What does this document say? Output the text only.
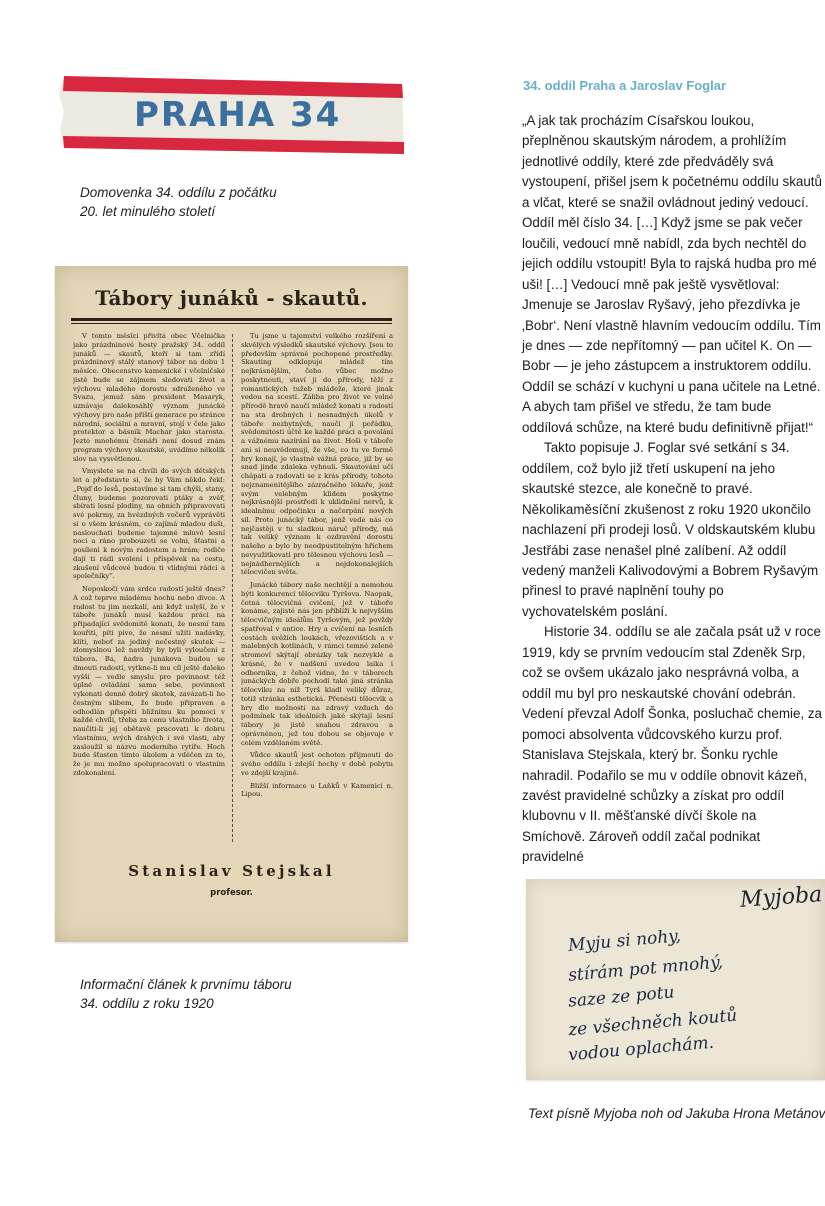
PRAHA 34
Domovenka 34. oddílu z počátku
20. let minulého století
Tábory junáků - skautů.

V tomto měsíci přivítá obec Včelnička jako prázdninové hosty pražský 34. oddíl junáků — skautů, kteří si tam zřídí prázdninový stálý stanový tábor na dobu 1 měsíce. Obecenstvo kamenické i včelničské jistě bude se zájmem sledovati život a výchovu mladého dorostu sdruženého ve Svazu, jemuž sám president Masaryk, uznávaje dalekosáhlý význam junácké výchovy pro naše příští generace po stránce národní, sociální a mravní, stojí v čele jako protektor a básník Machar jako starosta. Jezto mnohému čtenáři není dosud znám program výchovy skautské, uvádíme několik slov na vysvětlenou.

Vmyslete se na chvíli do svých dětských let a představte si, že by Vám někdo řekl: „Pojď do lesů, postavíme si tam chýši, stany, čluny, budeme pozorovati ptáky a zvěř, sbírati lesní plodiny, na ohních připravovati své pokrmy, za hvězdných večerů vyprávěti si o všem krásném, co zajímá mladou duši, naslouchati budeme tajemné mluvě lesní noci a ráno probouzeti se volni, šťastni a posíleni k novým radostem a hrám; rodiče dají ti rádi svolení i příspěvek na cestu, zkušení vůdcové budou ti vlídnými rádci a společníky“.

Neposkočí vám srdce radostí ještě dnes? A což teprve mladému hochu nebo dívce. A radost tu jim nezkalí, ani když uslyší, že v táboře junáků musí každou práci na připadající svědomitě konati, že nesmí tam kouřiti, píti pivo, že nesmí užíti nadávky, klíti, neboť za jediný nečestný skutek — zlomyslnou lež navždy by byli vyloučeni z tábora. Ba, ňadra junákova budou se dmouti radostí, vytkne-li mu cíl ještě daleko vyšší — vedle smyslu pro povinnost též úplné ovládání sama sebe, povinnost vykonati denně dobrý skutek, zavázati-li ho čestným slibem, že bude připraven a odhodlán přispěti bližnímu ku pomoci v každé chvíli, třeba za cenu vlastního života, naučiti-li jej obětavě pracovati k dobru vlastnímu, svých drahých i své vlasti, aby zasloužil si názvu moderního rytíře. Hoch bude šťasten tímto úkolem a vděčen za to, že je mu možno spolupracovati o vlastním zdokonalení.

Tu jsme u tajemství velkého rozšíření a skvělých výsledků skautské výchovy. Jsou to především správně pochopené prostředky. Skauting odklopuje mládež tím nejkrásnějším, čeho vůbec možno poskytnouti, staví ji do přírody, těží z romantických tužeb mládeže, které jinak vedou na scestí. Záliba pro život ve volné přírodě hravě naučí mládež konati s radostí na sta drobných i nesnadných úkolů v táboře nezbytných, naučí ji pořádku, svědomitosti účtě ke každé práci a povolání a vážnému nazírání na život. Hoši v táboře ani si neuvědomují, že vše, co tu ve formě hry konají, je vlastně vážná práce, již by se snad jinde zdaleka vyhnuli. Skautování učí chápati a radovati se z krás přírody, tohoto nejznamenitějšího zázračného lékaře, jenž svým velebným klidem poskytne nejkrásnější prostředí k uklidnění nervů, k idealnímu odpočinku a načerpání nových sil. Proto junácký tábor, jenž vede nás co nejčastěji v tu sladkou náruč přírody, má tak veliký význam k ozdravění dorostu našeho a bylo by neodpustitelným hříchem nevyužitkovati pro tělesnou výchovu lesů — nejnádhernějších a nejdokonalejších tělocvičen světa.

Junácké tábory naše nechtějí a nemohou býti konkurencí tělocviku Tyršova. Naopak, četná tělocvičná cvičení, jež v táboře konáme, zajisté nás jen přiblíží k nejvyšším tělocvičným ideálům Tyršovým, jež povždy spatřoval v antice. Hry a cvičení na lesních cestách svěžích loukách, vřezovištích a v malebných kotlinách, v rámci temné zelené stromoví skýtají obrázky tak nezvyklé a krásné, že v nadšení uvedou laika i odborníka, z čehož vidno, že v táborech junáckých dobře pochodí také jiná stránka tělocviku na níž Tyrš kladl veliký důraz, totiž stránka esthetická. Přenésti tělocvik a hry dle možnosti na zdravý vzduch do podmínek tak ideálních jaké skýtají lesní tábory je jistě snahou zdravou a oprávněnou, jež tou dobou se objevuje v celém vzdělaném světě.

Vůdce skautů jest ochoten přijmouti do svého oddílu i zdejší hochy v době pobytu ve zdejší krajině.

Bližší informace u Laňků v Kamenici n. Lipou.

Stanislav Stejskal
profesor.
Informační článek k prvnímu táboru
34. oddílu z roku 1920
34. oddíl Praha a Jaroslav Foglar

„A jak tak procházím Císařskou loukou, přeplněnou skautským národem, a prohlížím jednotlivé oddíly, které zde předváděly svá vystoupení, přišel jsem k početnému oddílu skautů a vlčat, které se snažil ovládnout jediný vedoucí. Oddíl měl číslo 34. […] Když jsme se pak večer loučili, vedoucí mně nabídl, zda bych nechtěl do jejich oddílu vstoupit! Byla to rajská hudba pro mé uši! […] Vedoucí mně pak ještě vysvětloval: Jmenuje se Jaroslav Ryšavý, jeho přezdívka je ‚Bobr‘. Není vlastně hlavním vedoucím oddílu. Tím je dnes — zde nepřítomný — pan učitel K. On — Bobr — je jeho zástupcem a instruktorem oddílu. Oddíl se schází v kuchyni u pana učitele na Letné. A abych tam přišel ve středu, že tam bude oddílová schůze, na které budu definitivně přijat!“

Takto popisuje J. Foglar své setkání s 34. oddílem, což bylo již třetí uskupení na jeho skautské stezce, ale konečně to pravé. Několikaměsíční zkušenost z roku 1920 ukončilo nachlazení při prodeji losů. V oldskautském klubu Jestřábi zase nenašel plné zalíbení. Až oddíl vedený manželi Kalivodovými a Bobrem Ryšavým přinesl to pravé naplnění touhy po vychovatelském poslání.

Historie 34. oddílu se ale začala psát už v roce 1919, kdy se prvním vedoucím stal Zdeněk Srp, což se ovšem ukázalo jako nesprávná volba, a oddíl mu byl pro neskautské chování odebrán. Vedení převzal Adolf Šonka, posluchač chemie, za pomoci absolventa vůdcovského kurzu prof. Stanislava Stejskala, který br. Šonku rychle nahradil. Podařilo se mu v oddíle obnovit kázeň, zavést pravidelné schůzky a získat pro oddíl klubovnu v II. měšťanské dívčí škole na Smíchově. Zároveň oddíl začal podnikat pravidelné

Myjoba
Myju si nohy,
stírám pot mnohý,
saze ze potu
ze všechněch koutů
vodou oplachám.
Text písně Myjoba noh od Jakuba Hrona Metánov
